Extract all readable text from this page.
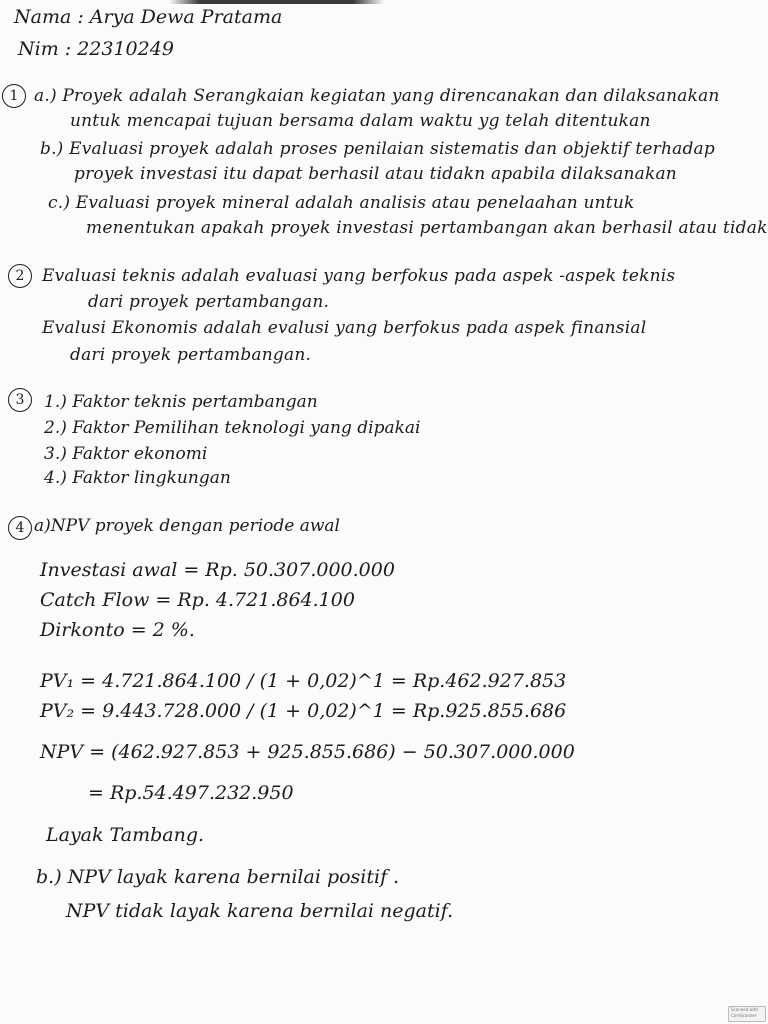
Nama : Arya Dewa Pratama
Nim : 22310249
1 a.) Proyek adalah Serangkaian kegiatan yang direncanakan dan dilaksanakan
untuk mencapai tujuan bersama dalam waktu yg telah ditentukan
b.) Evaluasi proyek adalah proses penilaian sistematis dan objektif terhadap
proyek investasi itu dapat berhasil atau tidakn apabila dilaksanakan
c.) Evaluasi proyek mineral adalah analisis atau penelaahan untuk
menentukan apakah proyek investasi pertambangan akan berhasil atau tidak
2	Evaluasi teknis adalah evaluasi yang berfokus pada aspek -aspek teknis
dari proyek pertambangan.
Evalusi Ekonomis adalah evalusi yang berfokus pada aspek finansial
dari proyek pertambangan.
3	1.) Faktor teknis pertambangan
2.) Faktor Pemilihan teknologi yang dipakai
3.) Faktor ekonomi
4.) Faktor lingkungan
4 a)NPV proyek dengan periode awal
Investasi awal = Rp. 50.307.000.000
Catch Flow = Rp. 4.721.864.100
Dirkonto = 2 %.
PV₁ = 4.721.864.100 / (1 + 0,02)^1 = Rp.462.927.853
PV₂ = 9.443.728.000 / (1 + 0,02)^1 = Rp.925.855.686
NPV = (462.927.853 + 925.855.686) − 50.307.000.000
= Rp.54.497.232.950
Layak Tambang.
b.) NPV layak karena bernilai positif .
NPV tidak layak karena bernilai negatif.
Scanned with CamScanner
